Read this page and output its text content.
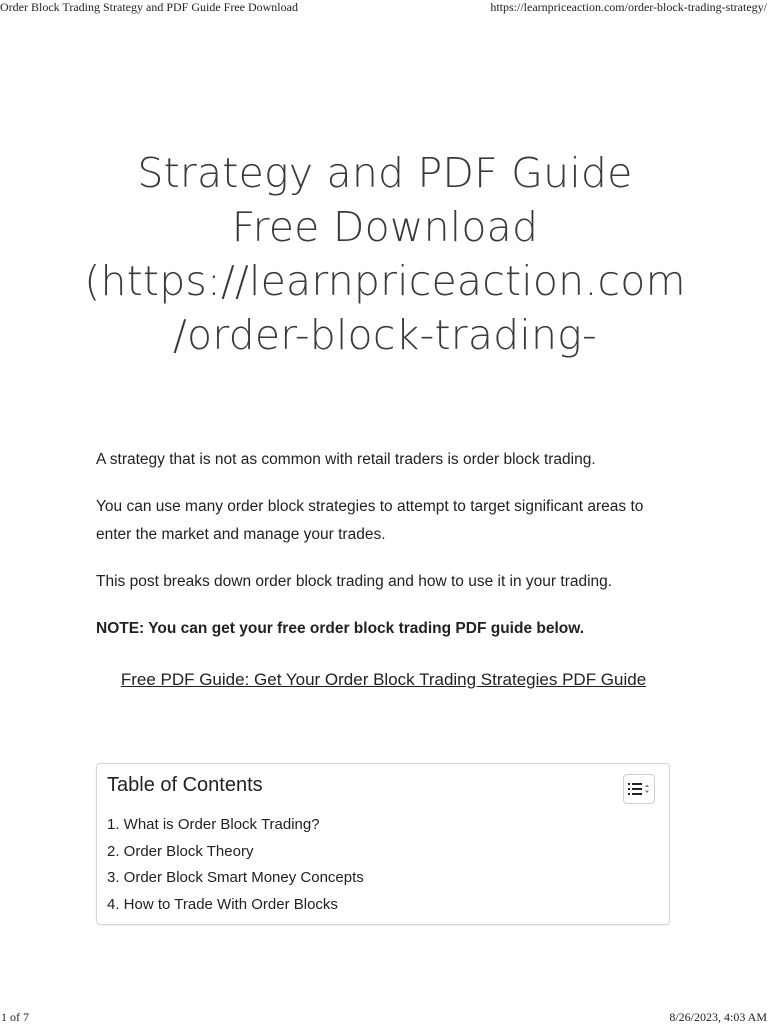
Order Block Trading Strategy and PDF Guide Free Download	https://learnpriceaction.com/order-block-trading-strategy/
Strategy and PDF Guide
Free Download
(https://learnpriceaction.com
/order-block-trading-

A strategy that is not as common with retail traders is order block trading.

You can use many order block strategies to attempt to target significant areas to enter the market and manage your trades.

This post breaks down order block trading and how to use it in your trading.

NOTE: You can get your free order block trading PDF guide below.

Free PDF Guide: Get Your Order Block Trading Strategies PDF Guide
Table of Contents
1. What is Order Block Trading?
2. Order Block Theory
3. Order Block Smart Money Concepts
4. How to Trade With Order Blocks
1 of 7	8/26/2023, 4:03 AM
